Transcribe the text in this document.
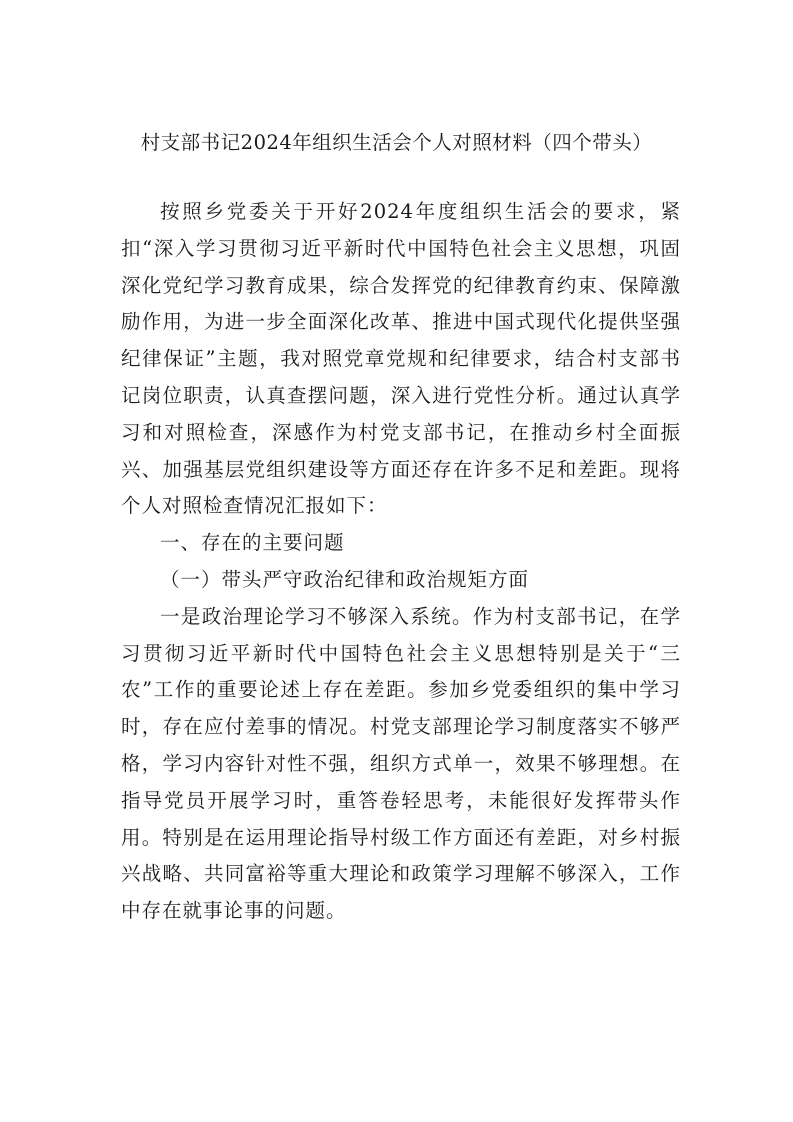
村支部书记2024年组织生活会个人对照材料（四个带头）

按照乡党委关于开好2024年度组织生活会的要求，紧扣“深入学习贯彻习近平新时代中国特色社会主义思想，巩固深化党纪学习教育成果，综合发挥党的纪律教育约束、保障激励作用，为进一步全面深化改革、推进中国式现代化提供坚强纪律保证”主题，我对照党章党规和纪律要求，结合村支部书记岗位职责，认真查摆问题，深入进行党性分析。通过认真学习和对照检查，深感作为村党支部书记，在推动乡村全面振兴、加强基层党组织建设等方面还存在许多不足和差距。现将个人对照检查情况汇报如下：

一、存在的主要问题

（一）带头严守政治纪律和政治规矩方面

一是政治理论学习不够深入系统。作为村支部书记，在学习贯彻习近平新时代中国特色社会主义思想特别是关于“三农”工作的重要论述上存在差距。参加乡党委组织的集中学习时，存在应付差事的情况。村党支部理论学习制度落实不够严格，学习内容针对性不强，组织方式单一，效果不够理想。在指导党员开展学习时，重答卷轻思考，未能很好发挥带头作用。特别是在运用理论指导村级工作方面还有差距，对乡村振兴战略、共同富裕等重大理论和政策学习理解不够深入，工作中存在就事论事的问题。
